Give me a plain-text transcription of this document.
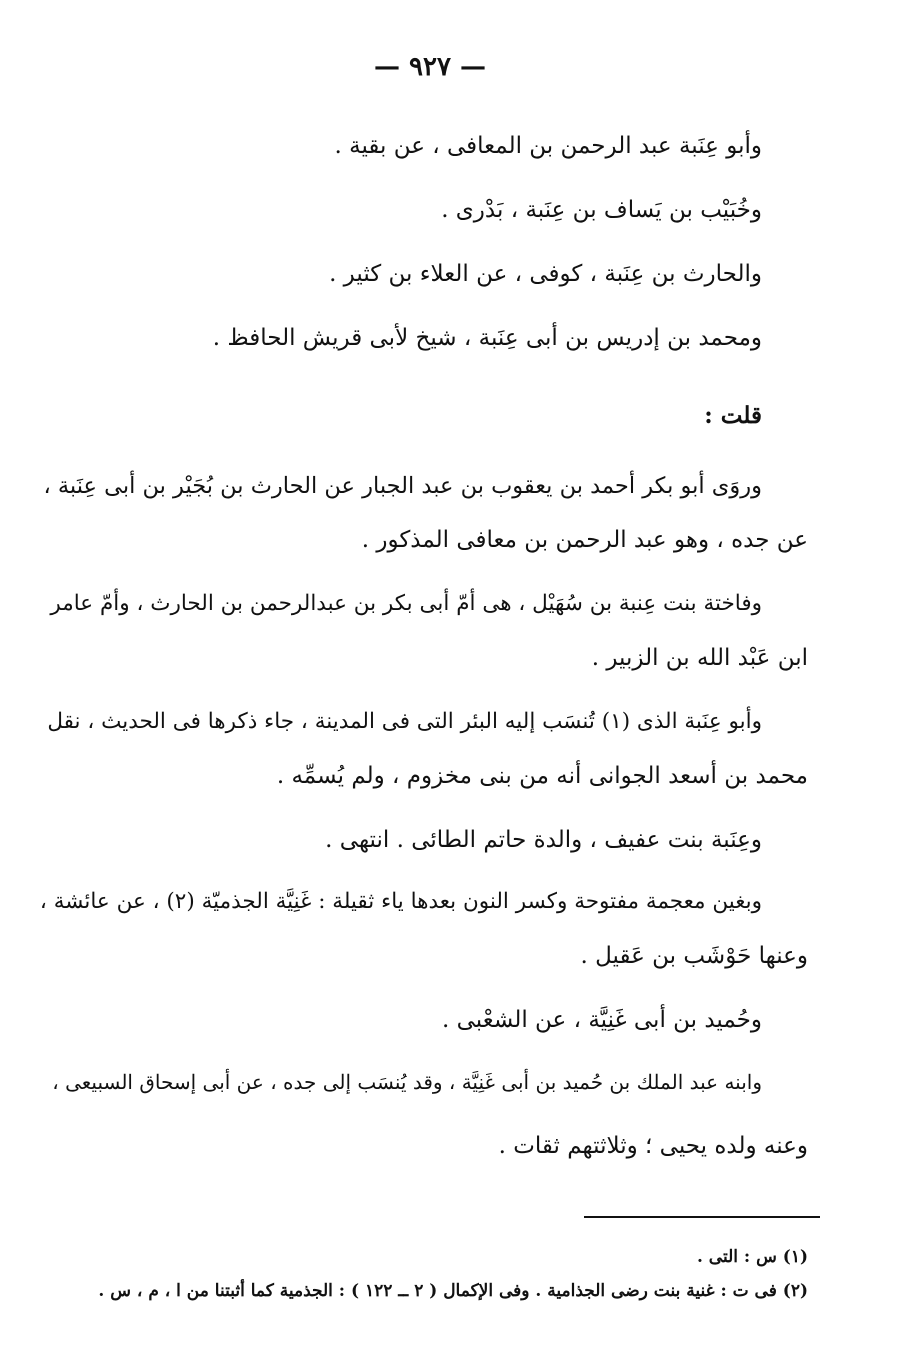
— ٩٢٧ —
وأبو عِنَبة عبد الرحمن بن المعافى ، عن بقية .
وخُبَيْب بن يَساف بن عِنَبة ، بَدْرى .
والحارث بن عِنَبة ، كوفى ، عن العلاء بن كثير .
ومحمد بن إدريس بن أبى عِنَبة ، شيخ لأبى قريش الحافظ .
قلت :
وروَى أبو بكر أحمد بن يعقوب بن عبد الجبار عن الحارث بن بُجَيْر بن أبى عِنَبة ،
عن جده ، وهو عبد الرحمن بن معافى المذكور .
وفاختة بنت عِنبة بن سُهَيْل ، هى أمّ أبى بكر بن عبدالرحمن بن الحارث ، وأمّ عامر
ابن عَبْد الله بن الزبير .
وأبو عِنَبة الذى (١) تُنسَب إليه البئر التى فى المدينة ، جاء ذكرها فى الحديث ، نقل
محمد بن أسعد الجوانى أنه من بنى مخزوم ، ولم يُسمِّه .
وعِنَبة بنت عفيف ، والدة حاتم الطائى . انتهى .
وبغين معجمة مفتوحة وكسر النون بعدها ياء ثقيلة : غَنِيَّة الجذميّة (٢) ، عن عائشة ،
وعنها حَوْشَب بن عَقيل .
وحُميد بن أبى غَنِيَّة ، عن الشعْبى .
وابنه عبد الملك بن حُميد بن أبى غَنِيَّة ، وقد يُنسَب إلى جده ، عن أبى إسحاق السبيعى ،
وعنه ولده يحيى ؛ وثلاثتهم ثقات .
(١) س : التى .
(٢) فى ت : غنية بنت رضى الجذامية . وفى الإكمال ( ٢ ــ ١٢٢ ) : الجذمية كما أثبتنا من ا ، م ، س .
